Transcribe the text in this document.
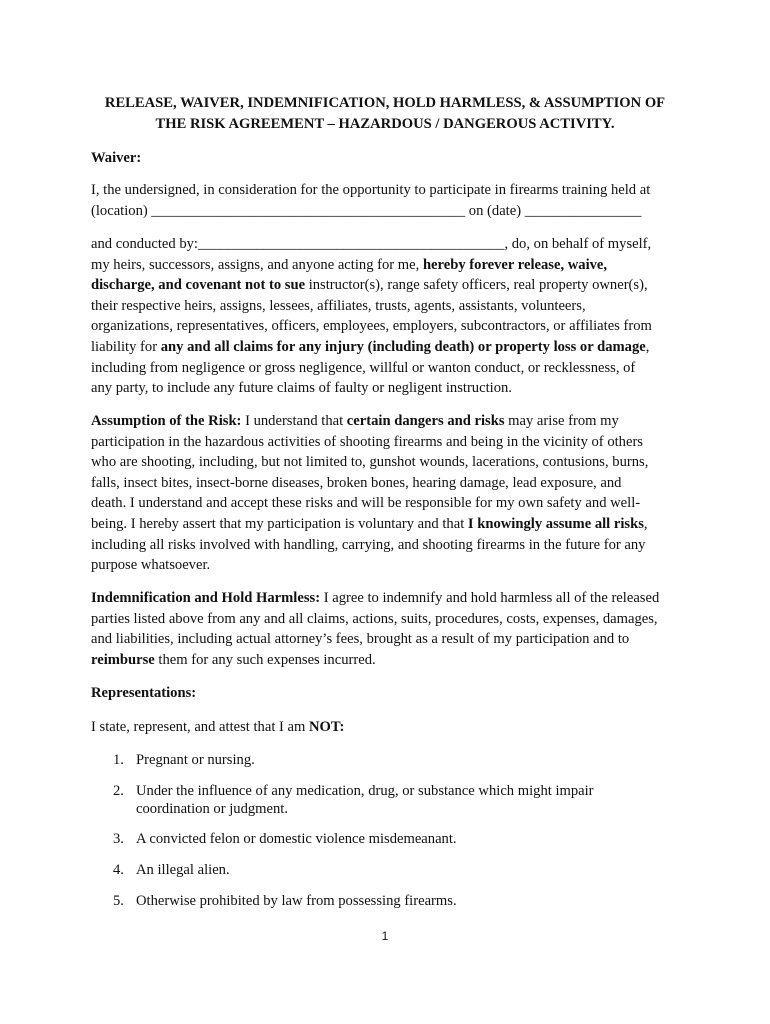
RELEASE, WAIVER, INDEMNIFICATION, HOLD HARMLESS, & ASSUMPTION OF
THE RISK AGREEMENT – HAZARDOUS / DANGEROUS ACTIVITY.
Waiver:
I, the undersigned, in consideration for the opportunity to participate in firearms training held at
(location) ___________________________________________ on (date) ________________
and conducted by:__________________________________________, do, on behalf of myself,
my heirs, successors, assigns, and anyone acting for me, hereby forever release, waive,
discharge, and covenant not to sue instructor(s), range safety officers, real property owner(s),
their respective heirs, assigns, lessees, affiliates, trusts, agents, assistants, volunteers,
organizations, representatives, officers, employees, employers, subcontractors, or affiliates from
liability for any and all claims for any injury (including death) or property loss or damage,
including from negligence or gross negligence, willful or wanton conduct, or recklessness, of
any party, to include any future claims of faulty or negligent instruction.
Assumption of the Risk: I understand that certain dangers and risks may arise from my
participation in the hazardous activities of shooting firearms and being in the vicinity of others
who are shooting, including, but not limited to, gunshot wounds, lacerations, contusions, burns,
falls, insect bites, insect-borne diseases, broken bones, hearing damage, lead exposure, and
death. I understand and accept these risks and will be responsible for my own safety and well-
being. I hereby assert that my participation is voluntary and that I knowingly assume all risks,
including all risks involved with handling, carrying, and shooting firearms in the future for any
purpose whatsoever.
Indemnification and Hold Harmless: I agree to indemnify and hold harmless all of the released
parties listed above from any and all claims, actions, suits, procedures, costs, expenses, damages,
and liabilities, including actual attorney’s fees, brought as a result of my participation and to
reimburse them for any such expenses incurred.
Representations:
I state, represent, and attest that I am NOT:
1. Pregnant or nursing.
2. Under the influence of any medication, drug, or substance which might impair
coordination or judgment.
3. A convicted felon or domestic violence misdemeanant.
4. An illegal alien.
5. Otherwise prohibited by law from possessing firearms.
1
